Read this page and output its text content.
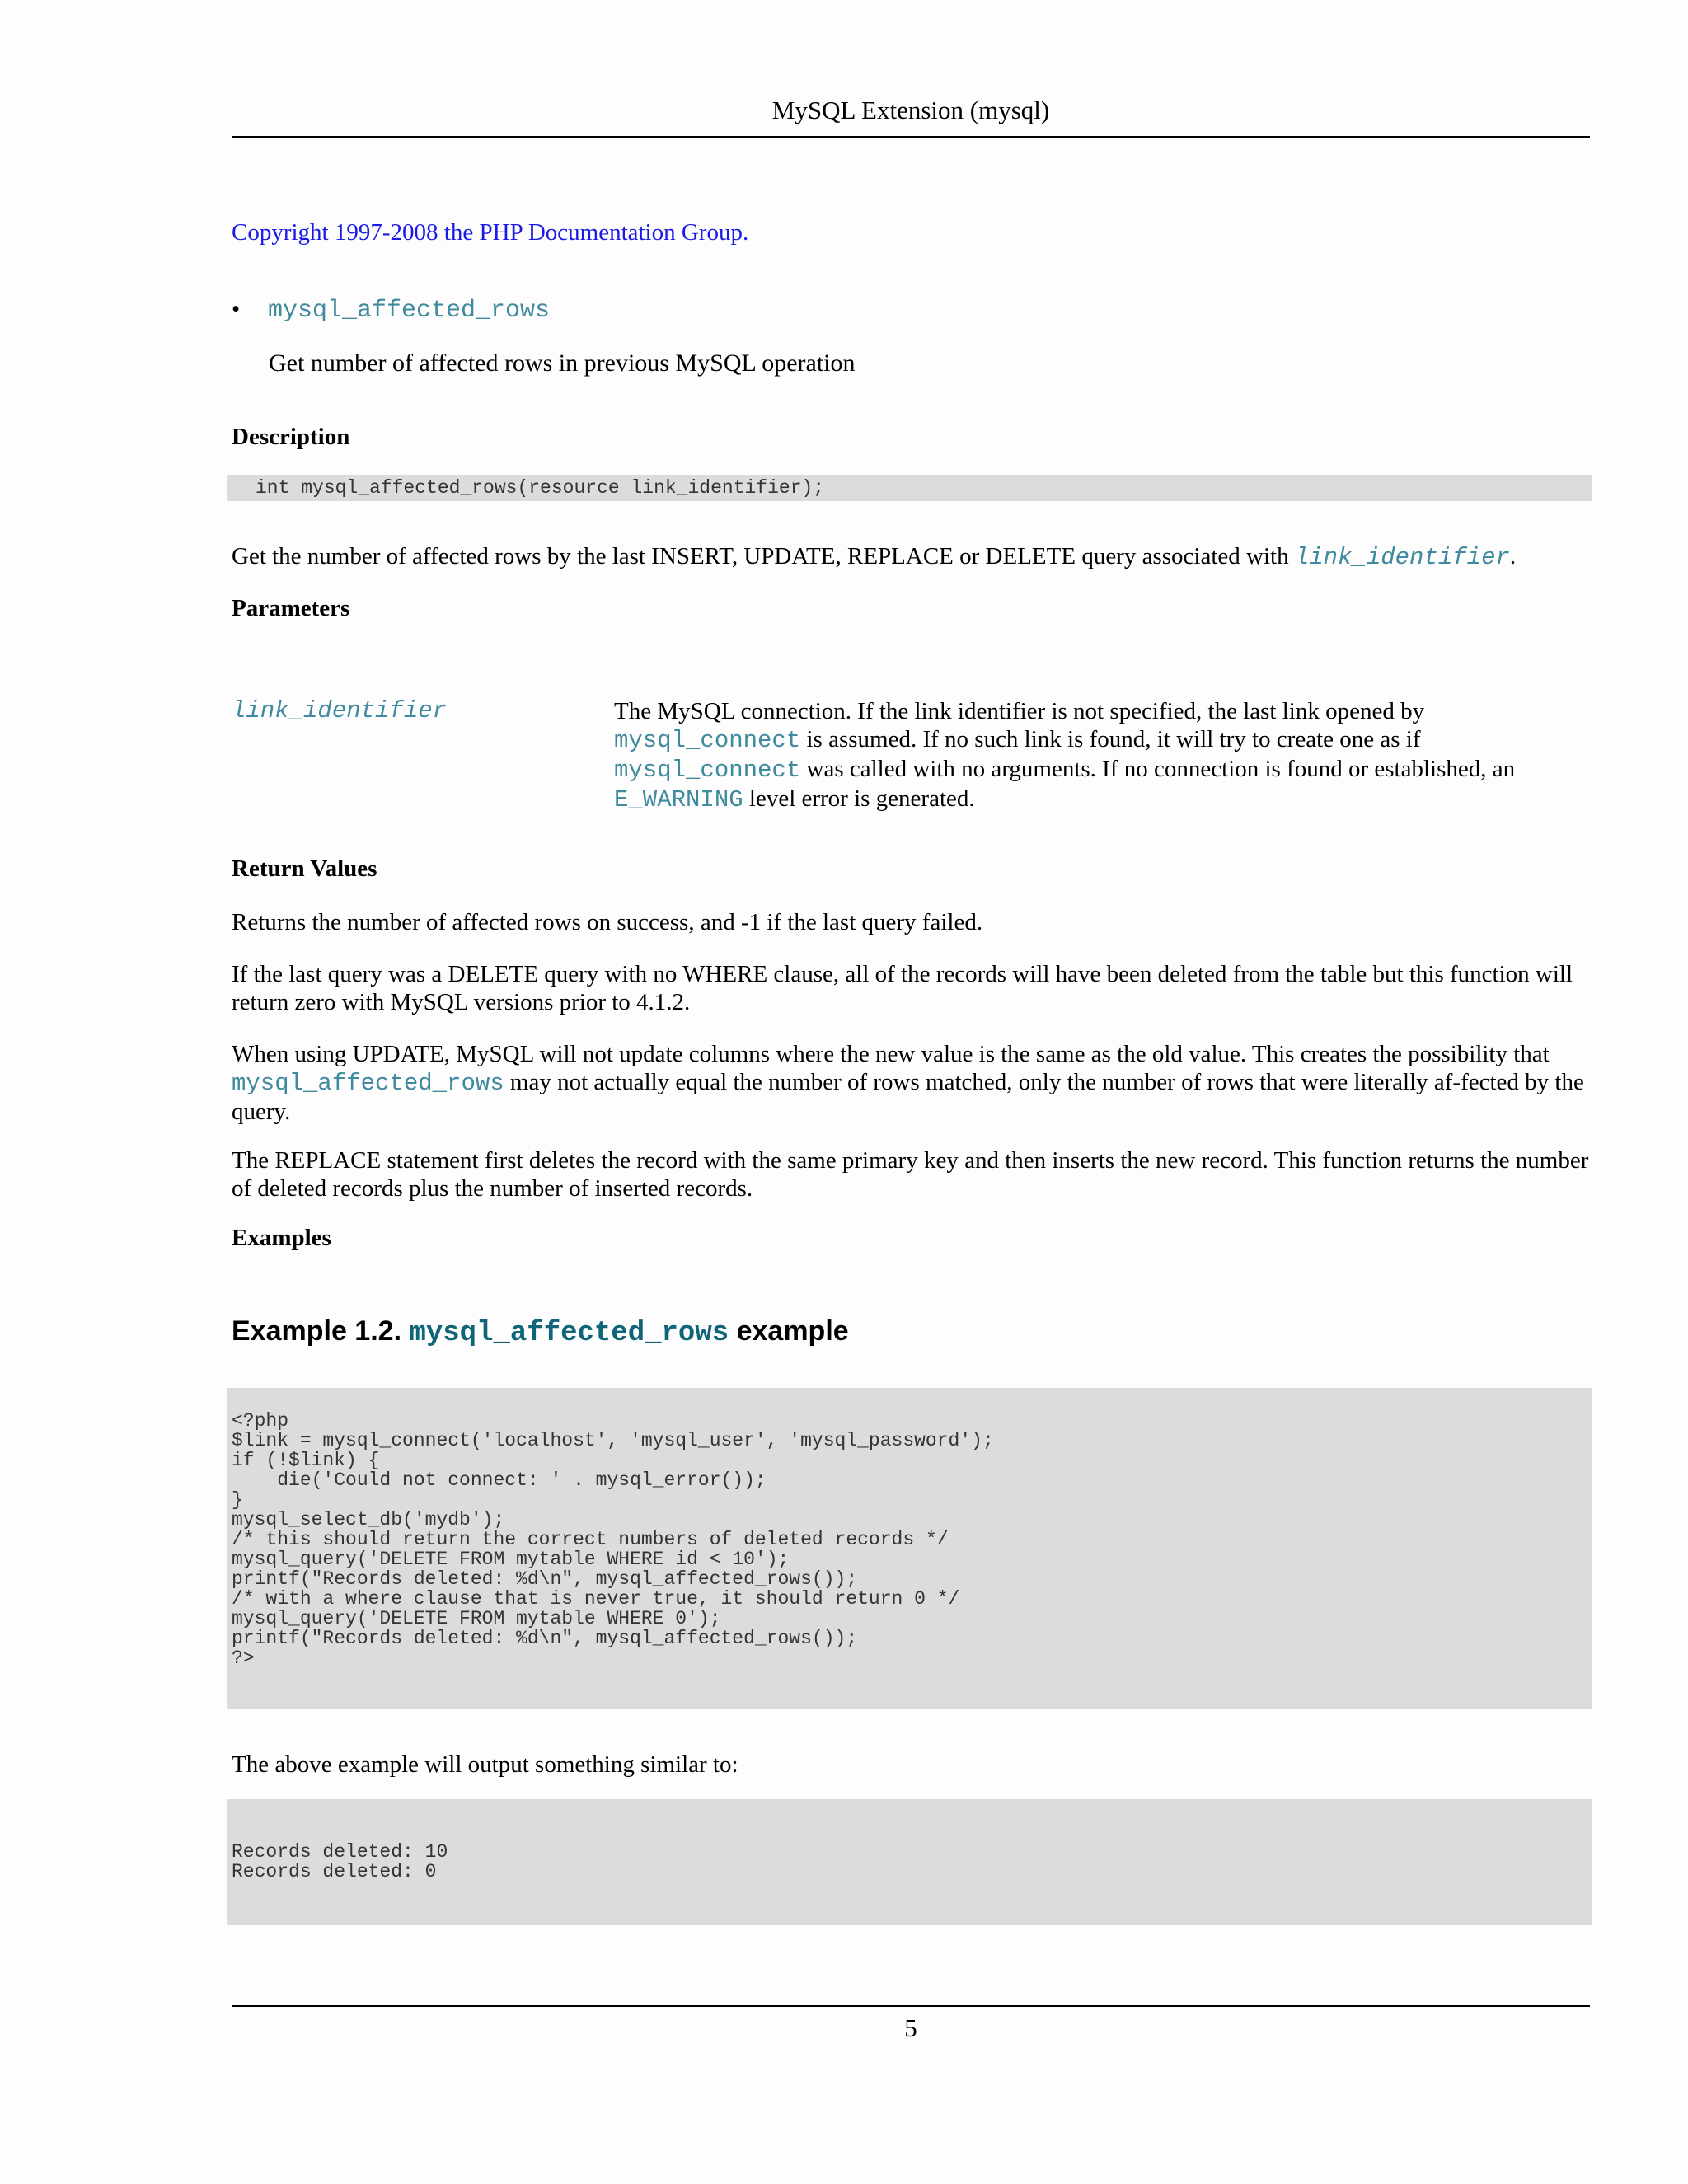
MySQL Extension (mysql)
Copyright 1997-2008 the PHP Documentation Group.
• mysql_affected_rows
Get number of affected rows in previous MySQL operation
Description
int mysql_affected_rows(resource link_identifier);
Get the number of affected rows by the last INSERT, UPDATE, REPLACE or DELETE query associated with link_identifier.
Parameters
link_identifier	The MySQL connection. If the link identifier is not specified, the last link opened by mysql_connect is assumed. If no such link is found, it will try to create one as if mysql_connect was called with no arguments. If no connection is found or established, an E_WARNING level error is generated.
Return Values
Returns the number of affected rows on success, and -1 if the last query failed.
If the last query was a DELETE query with no WHERE clause, all of the records will have been deleted from the table but this function will return zero with MySQL versions prior to 4.1.2.
When using UPDATE, MySQL will not update columns where the new value is the same as the old value. This creates the possibility that mysql_affected_rows may not actually equal the number of rows matched, only the number of rows that were literally af-fected by the query.
The REPLACE statement first deletes the record with the same primary key and then inserts the new record. This function returns the number of deleted records plus the number of inserted records.
Examples
Example 1.2. mysql_affected_rows example
<?php
$link = mysql_connect('localhost', 'mysql_user', 'mysql_password');
if (!$link) {
die('Could not connect: ' . mysql_error());
}
mysql_select_db('mydb');
/* this should return the correct numbers of deleted records */
mysql_query('DELETE FROM mytable WHERE id < 10');
printf("Records deleted: %d\n", mysql_affected_rows());
/* with a where clause that is never true, it should return 0 */
mysql_query('DELETE FROM mytable WHERE 0');
printf("Records deleted: %d\n", mysql_affected_rows());
?>
The above example will output something similar to:
Records deleted: 10
Records deleted: 0
5
